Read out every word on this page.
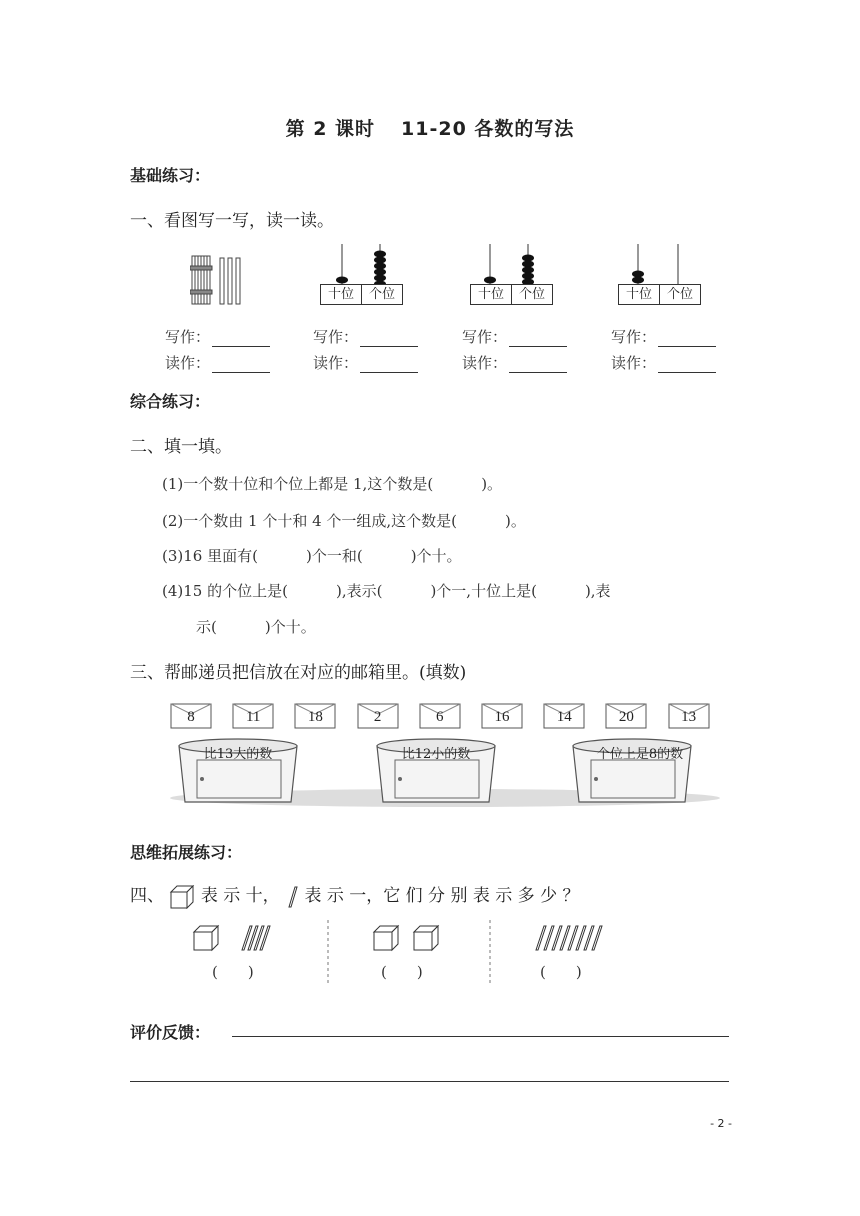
第 2 课时 11-20 各数的写法
基础练习：
一、看图写一写，读一读。
十位	个位	十位	个位	十位	个位
写作：
读作：
写作：
读作：
写作：
读作：
写作：
读作：
综合练习：
二、填一填。
(1)一个数十位和个位上都是 1,这个数是(	)。
(2)一个数由 1 个十和 4 个一组成,这个数是(	)。
(3)16 里面有(	)个一和(	)个十。
(4)15 的个位上是(	),表示(	)个一,十位上是(	),表
示(	)个十。
三、帮邮递员把信放在对应的邮箱里。(填数)
8	11	18	2	6	16	14	20	13
比13大的数	比12小的数	个位上是8的数
思维拓展练习：
四、 表 示 十， 表 示 一，它 们 分 别 表 示 多 少 ？
(　　)	(　　)	(　　)
评价反馈：
- 2 -
